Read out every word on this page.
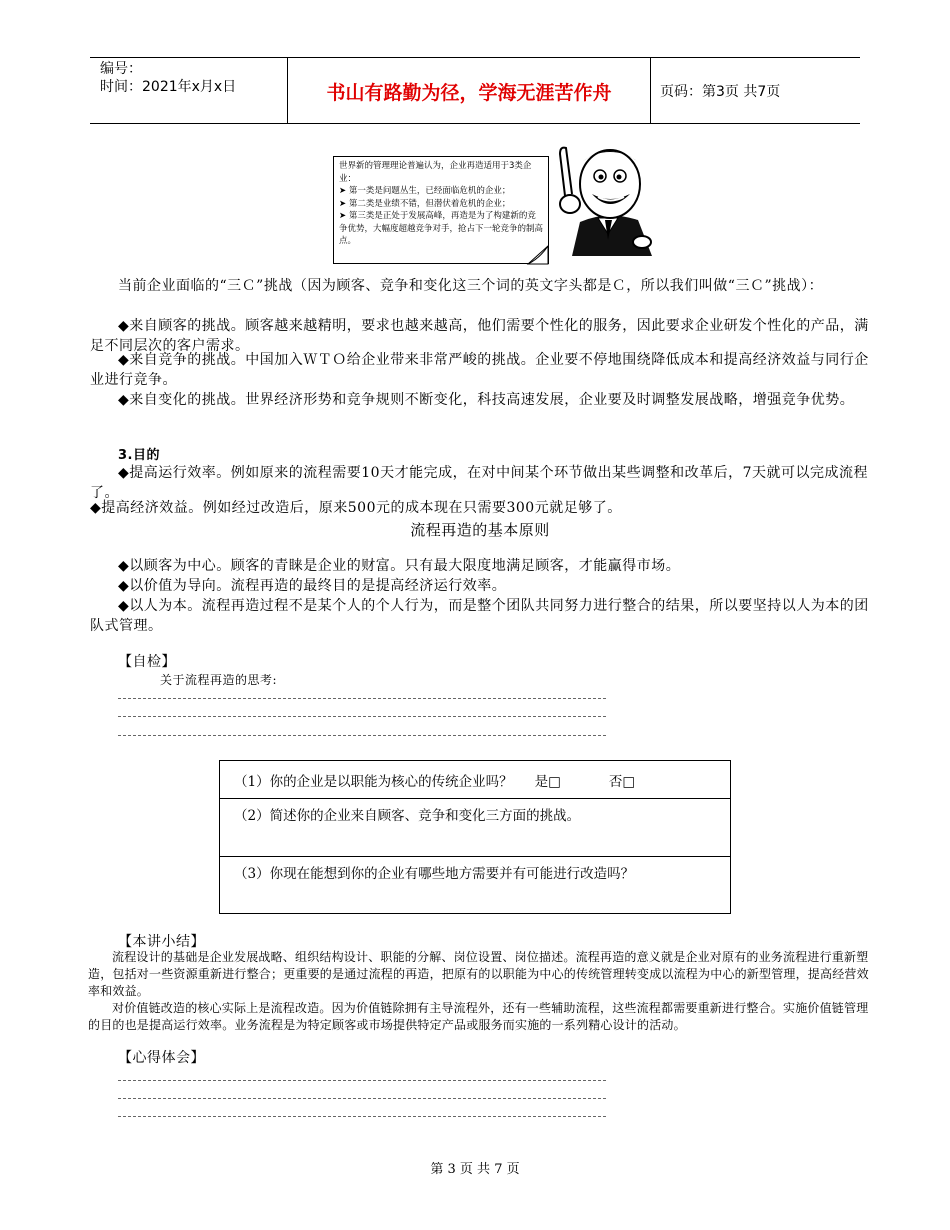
编号：
时间：2021年x月x日	书山有路勤为径，学海无涯苦作舟	页码：第3页 共7页
世界新的管理理论普遍认为，企业再造适用于3类企业：
➤ 第一类是问题丛生，已经面临危机的企业；
➤ 第二类是业绩不错，但潜伏着危机的企业；
➤ 第三类是正处于发展高峰，再造是为了构建新的竞争优势，大幅度超越竞争对手，抢占下一轮竞争的制高点。
当前企业面临的“三Ｃ”挑战（因为顾客、竞争和变化这三个词的英文字头都是Ｃ，所以我们叫做“三Ｃ”挑战）：
◆来自顾客的挑战。顾客越来越精明，要求也越来越高，他们需要个性化的服务，因此要求企业研发个性化的产品，满足不同层次的客户需求。
◆来自竞争的挑战。中国加入ＷＴＯ给企业带来非常严峻的挑战。企业要不停地围绕降低成本和提高经济效益与同行企业进行竞争。
◆来自变化的挑战。世界经济形势和竞争规则不断变化，科技高速发展，企业要及时调整发展战略，增强竞争优势。
3.目的
◆提高运行效率。例如原来的流程需要10天才能完成，在对中间某个环节做出某些调整和改革后，7天就可以完成流程了。
◆提高经济效益。例如经过改造后，原来500元的成本现在只需要300元就足够了。
流程再造的基本原则
◆以顾客为中心。顾客的青睐是企业的财富。只有最大限度地满足顾客，才能赢得市场。
◆以价值为导向。流程再造的最终目的是提高经济运行效率。
◆以人为本。流程再造过程不是某个人的个人行为，而是整个团队共同努力进行整合的结果，所以要坚持以人为本的团队式管理。
【自检】
关于流程再造的思考:
（1）你的企业是以职能为核心的传统企业吗？ 是□	否□
（2）简述你的企业来自顾客、竞争和变化三方面的挑战。
（3）你现在能想到你的企业有哪些地方需要并有可能进行改造吗？
【本讲小结】
流程设计的基础是企业发展战略、组织结构设计、职能的分解、岗位设置、岗位描述。流程再造的意义就是企业对原有的业务流程进行重新塑造，包括对一些资源重新进行整合；更重要的是通过流程的再造，把原有的以职能为中心的传统管理转变成以流程为中心的新型管理，提高经营效率和效益。
对价值链改造的核心实际上是流程改造。因为价值链除拥有主导流程外，还有一些辅助流程，这些流程都需要重新进行整合。实施价值链管理的目的也是提高运行效率。业务流程是为特定顾客或市场提供特定产品或服务而实施的一系列精心设计的活动。
【心得体会】
第 3 页 共 7 页
